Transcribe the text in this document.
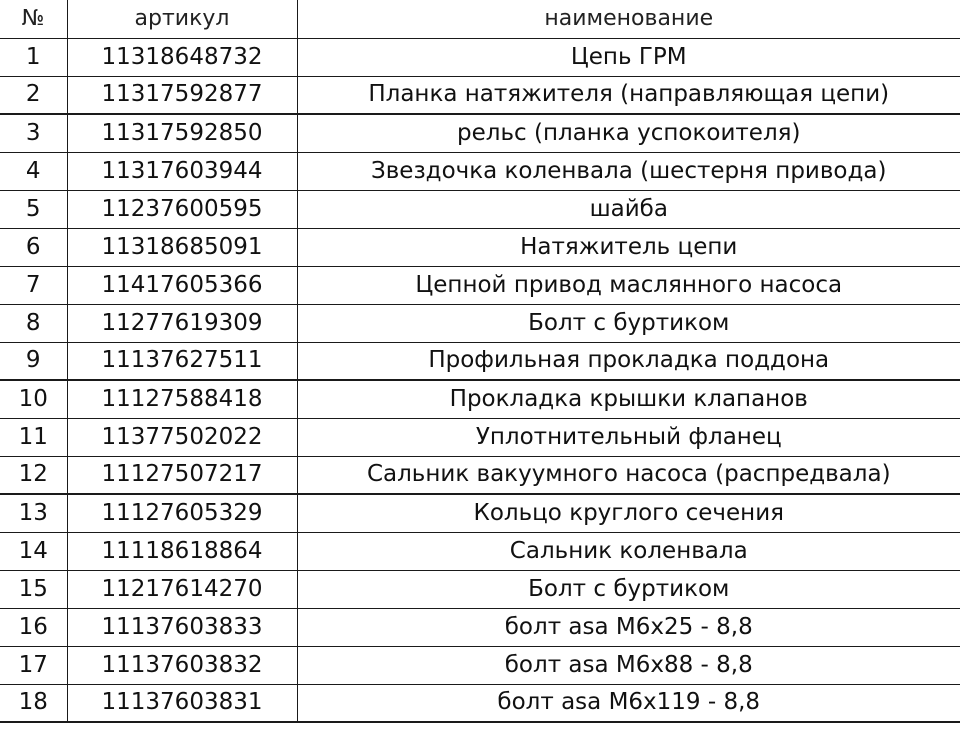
№	артикул	наименование
1	11318648732	Цепь ГРМ
2	11317592877	Планка натяжителя (направляющая цепи)
3	11317592850	рельс (планка успокоителя)
4	11317603944	Звездочка коленвала (шестерня привода)
5	11237600595	шайба
6	11318685091	Натяжитель цепи
7	11417605366	Цепной привод маслянного насоса
8	11277619309	Болт с буртиком
9	11137627511	Профильная прокладка поддона
10	11127588418	Прокладка крышки клапанов
11	11377502022	Уплотнительный фланец
12	11127507217	Сальник вакуумного насоса (распредвала)
13	11127605329	Кольцо круглого сечения
14	11118618864	Сальник коленвала
15	11217614270	Болт с буртиком
16	11137603833	болт asa M6x25 - 8,8
17	11137603832	болт asa M6x88 - 8,8
18	11137603831	болт asa M6x119 - 8,8
